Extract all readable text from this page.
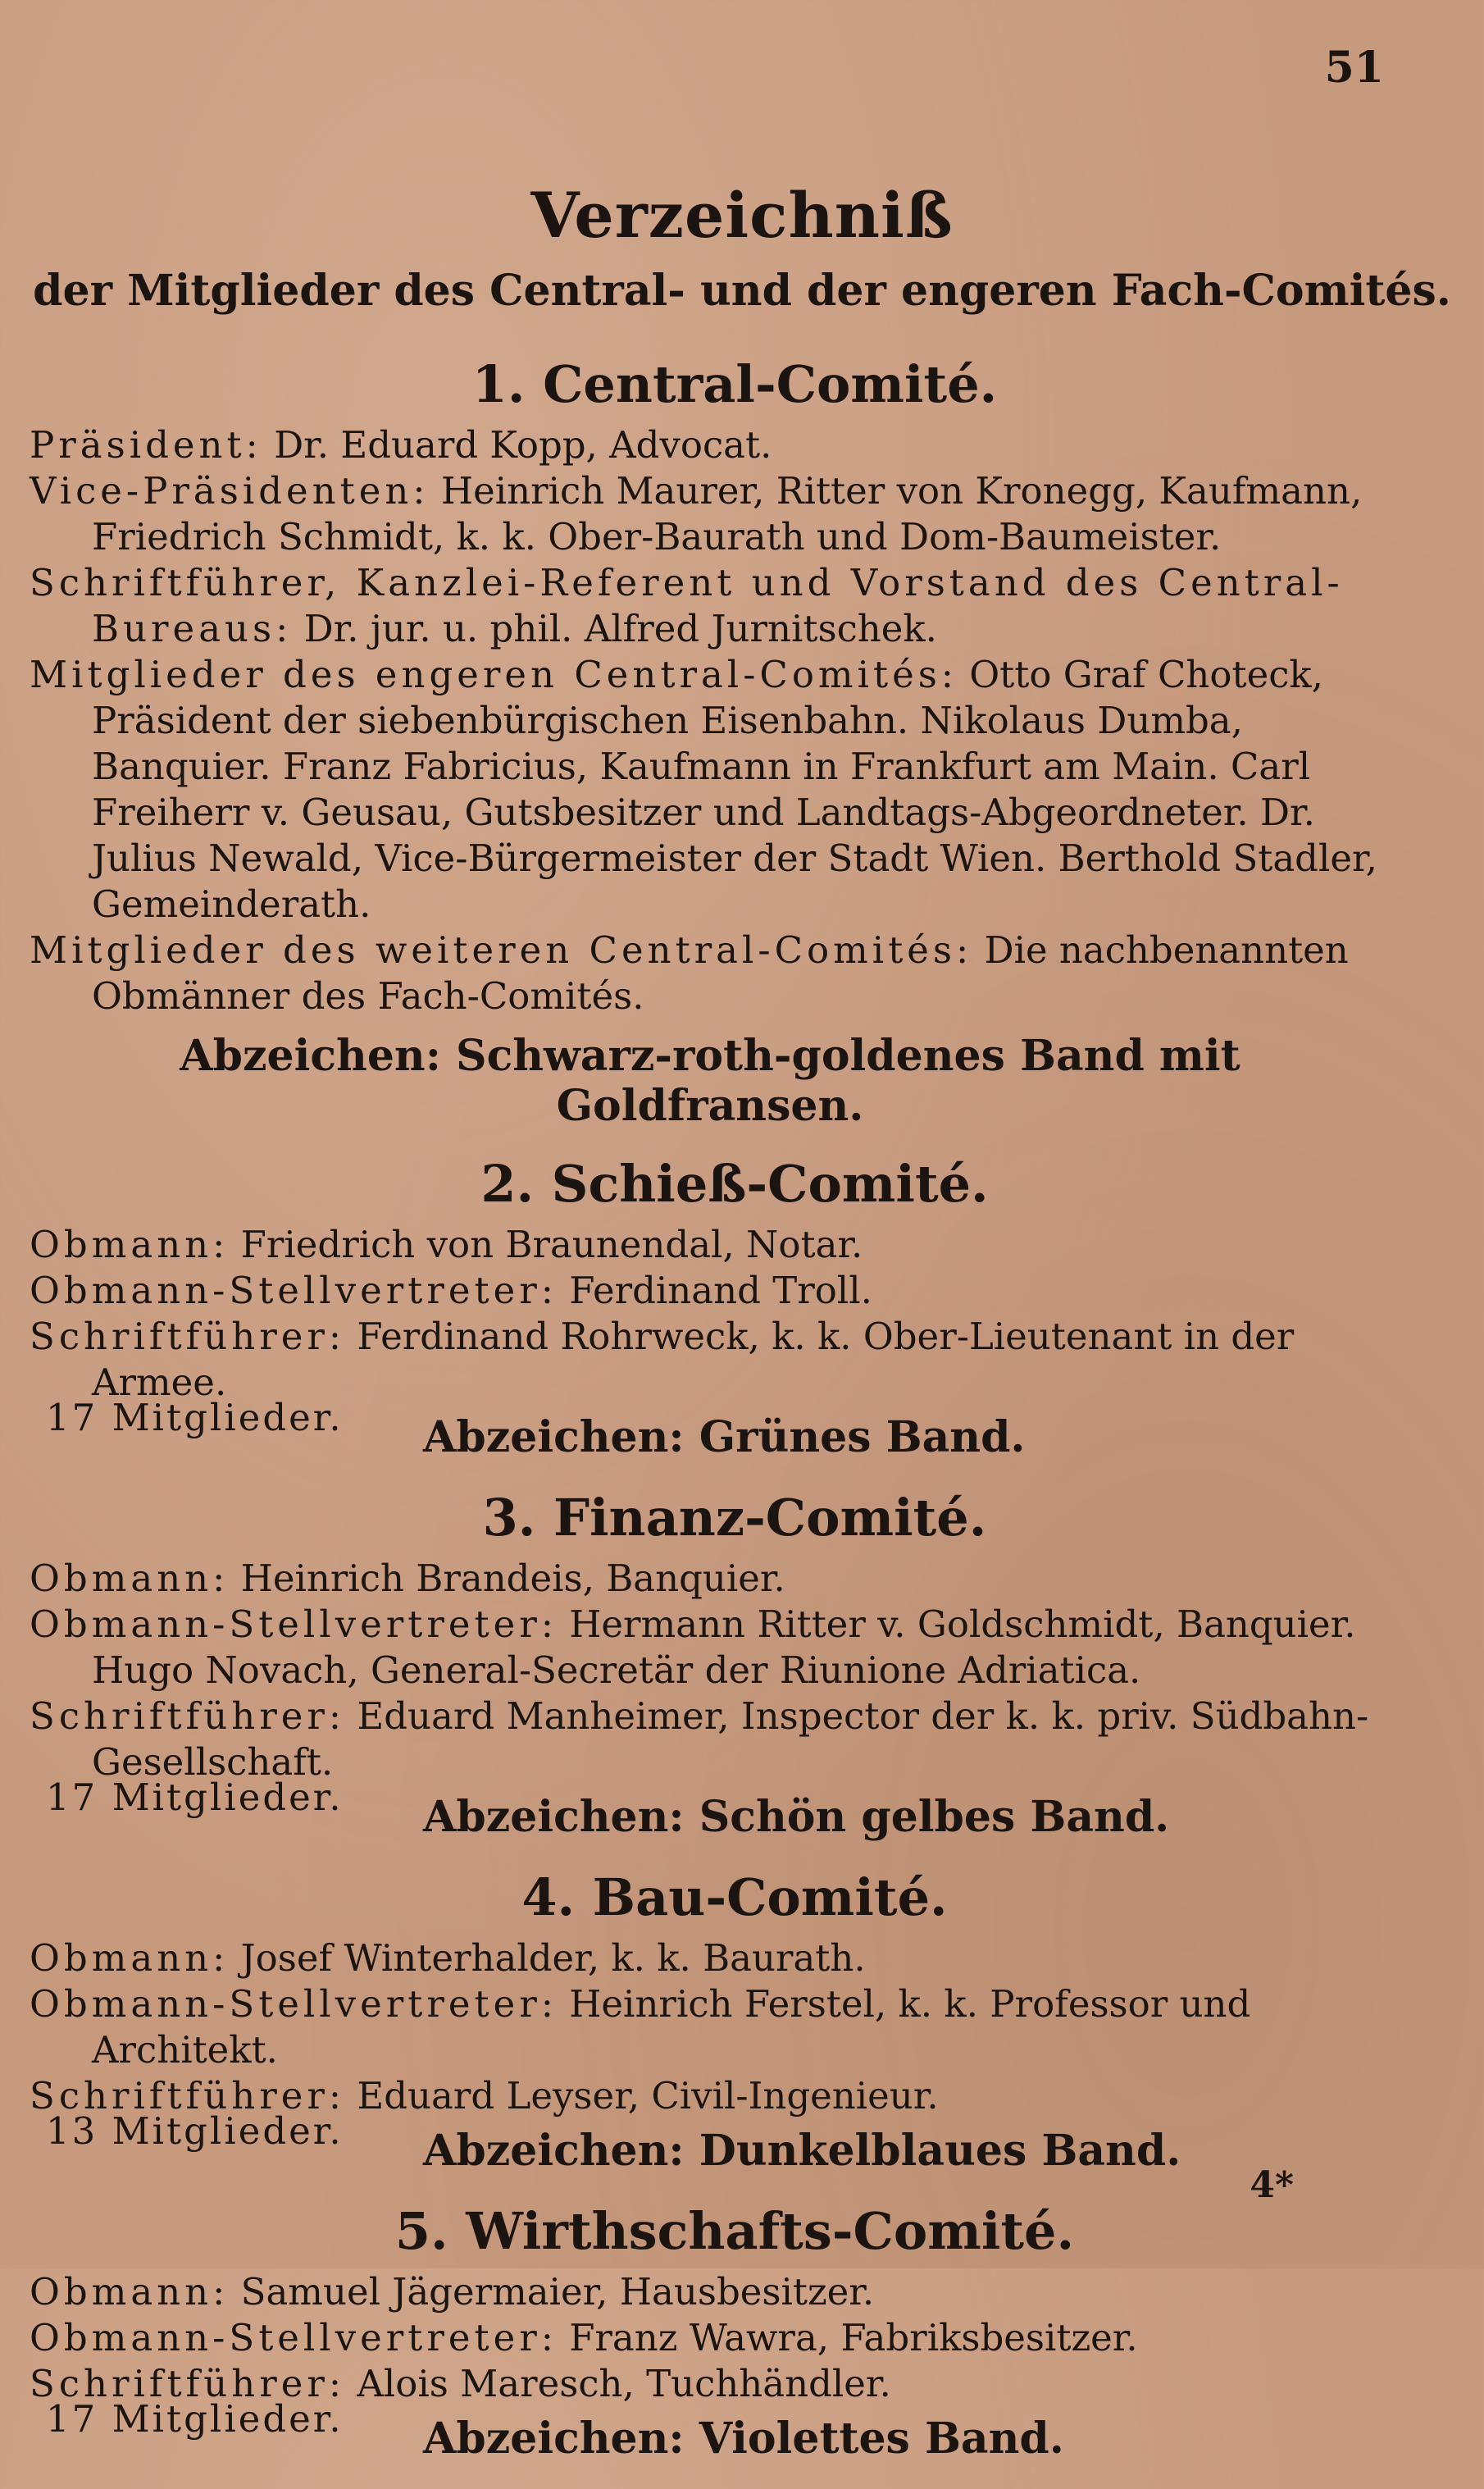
51
Verzeichniß
der Mitglieder des Central- und der engeren Fach-Comités.
1. Central-Comité.

Präsident: Dr. Eduard Kopp, Advocat.

Vice-Präsidenten: Heinrich Maurer, Ritter von Kronegg, Kaufmann, Friedrich Schmidt, k. k. Ober-Baurath und Dom-Baumeister.

Schriftführer, Kanzlei-Referent und Vorstand des Central-Bureaus: Dr. jur. u. phil. Alfred Jurnitschek.

Mitglieder des engeren Central-Comités: Otto Graf Choteck, Präsident der siebenbürgischen Eisenbahn. Nikolaus Dumba, Banquier. Franz Fabricius, Kaufmann in Frankfurt am Main. Carl Freiherr v. Geusau, Gutsbesitzer und Landtags-Abgeordneter. Dr. Julius Newald, Vice-Bürgermeister der Stadt Wien. Berthold Stadler, Gemeinderath.

Mitglieder des weiteren Central-Comités: Die nachbenannten Obmänner des Fach-Comités.

Abzeichen: Schwarz-roth-goldenes Band mit Goldfransen.
2. Schieß-Comité.

Obmann: Friedrich von Braunendal, Notar.

Obmann-Stellvertreter: Ferdinand Troll.

Schriftführer: Ferdinand Rohrweck, k. k. Ober-Lieutenant in der Armee.

17 Mitglieder. Abzeichen: Grünes Band.
3. Finanz-Comité.

Obmann: Heinrich Brandeis, Banquier.

Obmann-Stellvertreter: Hermann Ritter v. Goldschmidt, Banquier. Hugo Novach, General-Secretär der Riunione Adriatica.

Schriftführer: Eduard Manheimer, Inspector der k. k. priv. Südbahn-Gesellschaft.

17 Mitglieder. Abzeichen: Schön gelbes Band.
4. Bau-Comité.

Obmann: Josef Winterhalder, k. k. Baurath.

Obmann-Stellvertreter: Heinrich Ferstel, k. k. Professor und Architekt.

Schriftführer: Eduard Leyser, Civil-Ingenieur.

13 Mitglieder. Abzeichen: Dunkelblaues Band.
5. Wirthschafts-Comité.

Obmann: Samuel Jägermaier, Hausbesitzer.

Obmann-Stellvertreter: Franz Wawra, Fabriksbesitzer.

Schriftführer: Alois Maresch, Tuchhändler.

17 Mitglieder. Abzeichen: Violettes Band.
4*
